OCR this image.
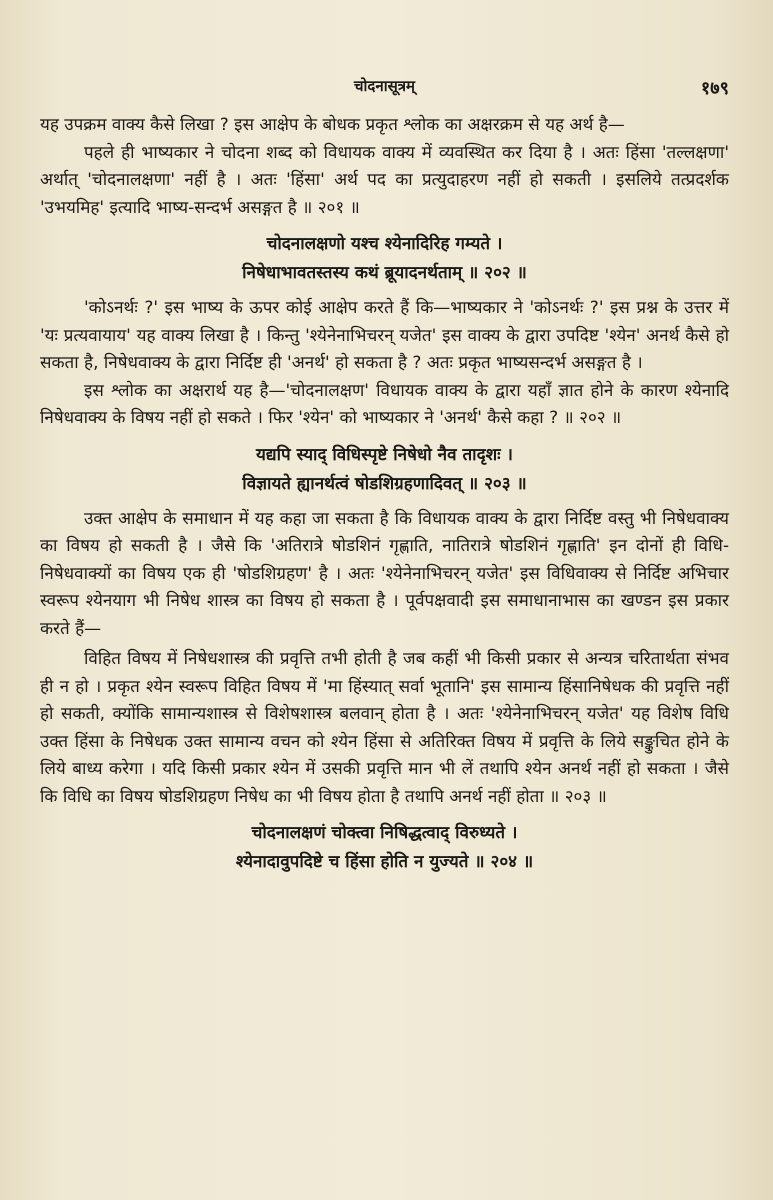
चोदनासूत्रम्	१७९

यह उपक्रम वाक्य कैसे लिखा ? इस आक्षेप के बोधक प्रकृत श्लोक का अक्षरक्रम से यह अर्थ है—

पहले ही भाष्यकार ने चोदना शब्द को विधायक वाक्य में व्यवस्थित कर दिया है । अतः हिंसा 'तल्लक्षणा' अर्थात् 'चोदनालक्षणा' नहीं है । अतः 'हिंसा' अर्थ पद का प्रत्युदाहरण नहीं हो सकती । इसलिये तत्प्रदर्शक 'उभयमिह' इत्यादि भाष्य-सन्दर्भ असङ्गत है ॥ २०१ ॥

चोदनालक्षणो यश्च श्येनादिरिह गम्यते ।
निषेधाभावतस्तस्य कथं ब्रूयादनर्थताम् ॥ २०२ ॥

'कोऽनर्थः ?' इस भाष्य के ऊपर कोई आक्षेप करते हैं कि—भाष्यकार ने 'कोऽनर्थः ?' इस प्रश्न के उत्तर में 'यः प्रत्यवायाय' यह वाक्य लिखा है । किन्तु 'श्येनेनाभिचरन् यजेत' इस वाक्य के द्वारा उपदिष्ट 'श्येन' अनर्थ कैसे हो सकता है, निषेधवाक्य के द्वारा निर्दिष्ट ही 'अनर्थ' हो सकता है ? अतः प्रकृत भाष्यसन्दर्भ असङ्गत है ।

इस श्लोक का अक्षरार्थ यह है—'चोदनालक्षण' विधायक वाक्य के द्वारा यहाँ ज्ञात होने के कारण श्येनादि निषेधवाक्य के विषय नहीं हो सकते । फिर 'श्येन' को भाष्यकार ने 'अनर्थ' कैसे कहा ? ॥ २०२ ॥

यद्यपि स्याद् विधिस्पृष्टे निषेधो नैव तादृशः ।
विज्ञायते ह्यानर्थत्वं षोडशिग्रहणादिवत् ॥ २०३ ॥

उक्त आक्षेप के समाधान में यह कहा जा सकता है कि विधायक वाक्य के द्वारा निर्दिष्ट वस्तु भी निषेधवाक्य का विषय हो सकती है । जैसे कि 'अतिरात्रे षोडशिनं गृह्णाति, नातिरात्रे षोडशिनं गृह्णाति' इन दोनों ही विधि-निषेधवाक्यों का विषय एक ही 'षोडशिग्रहण' है । अतः 'श्येनेनाभिचरन् यजेत' इस विधिवाक्य से निर्दिष्ट अभिचार स्वरूप श्येनयाग भी निषेध शास्त्र का विषय हो सकता है । पूर्वपक्षवादी इस समाधानाभास का खण्डन इस प्रकार करते हैं—

विहित विषय में निषेधशास्त्र की प्रवृत्ति तभी होती है जब कहीं भी किसी प्रकार से अन्यत्र चरितार्थता संभव ही न हो । प्रकृत श्येन स्वरूप विहित विषय में 'मा हिंस्यात् सर्वा भूतानि' इस सामान्य हिंसानिषेधक की प्रवृत्ति नहीं हो सकती, क्योंकि सामान्यशास्त्र से विशेषशास्त्र बलवान् होता है । अतः 'श्येनेनाभिचरन् यजेत' यह विशेष विधि उक्त हिंसा के निषेधक उक्त सामान्य वचन को श्येन हिंसा से अतिरिक्त विषय में प्रवृत्ति के लिये सङ्कुचित होने के लिये बाध्य करेगा । यदि किसी प्रकार श्येन में उसकी प्रवृत्ति मान भी लें तथापि श्येन अनर्थ नहीं हो सकता । जैसे कि विधि का विषय षोडशिग्रहण निषेध का भी विषय होता है तथापि अनर्थ नहीं होता ॥ २०३ ॥

चोदनालक्षणं चोक्त्वा निषिद्धत्वाद् विरुध्यते ।
श्येनादावुपदिष्टे च हिंसा होति न युज्यते ॥ २०४ ॥
